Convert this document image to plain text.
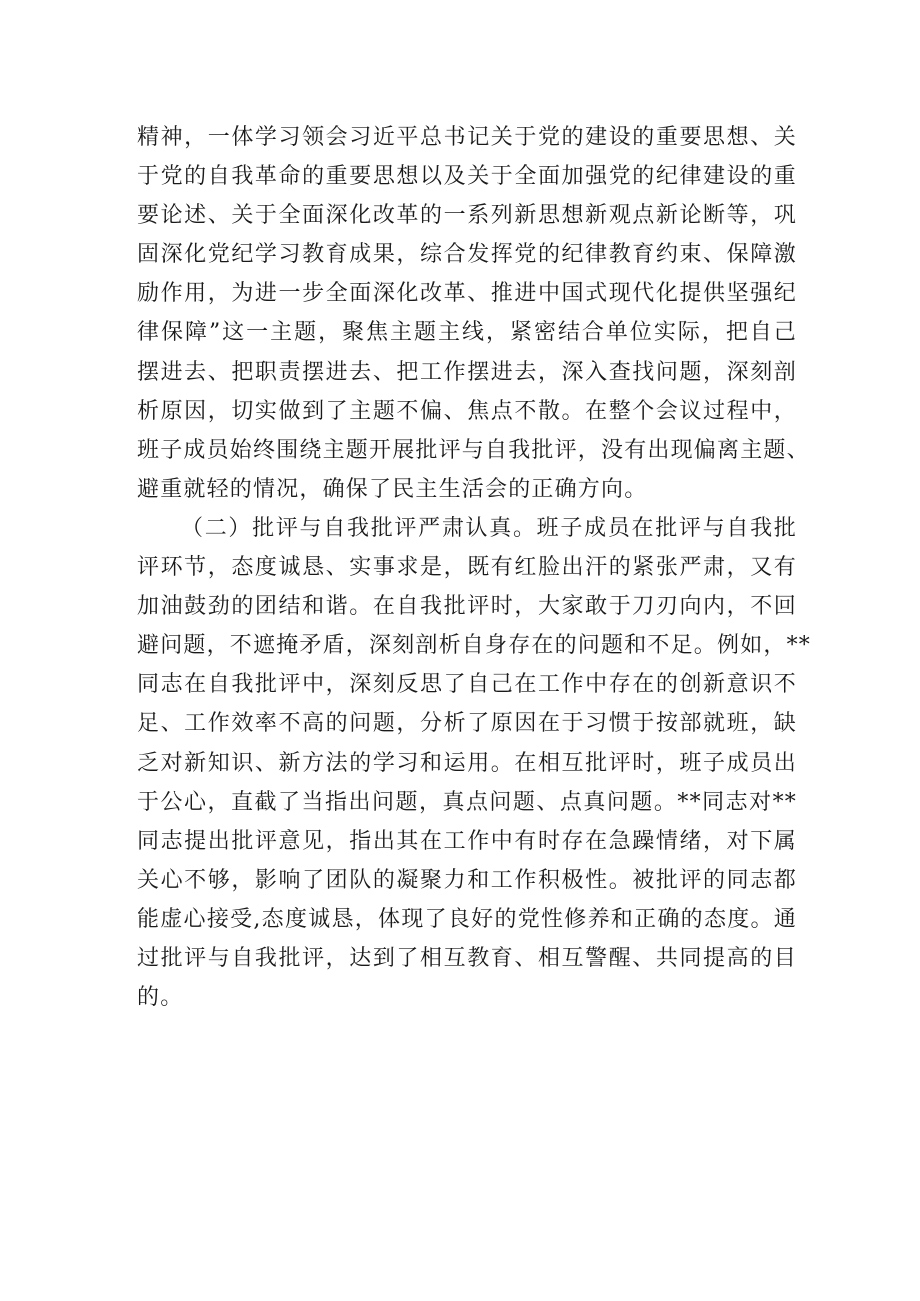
精神，一体学习领会习近平总书记关于党的建设的重要思想、关
于党的自我革命的重要思想以及关于全面加强党的纪律建设的重
要论述、关于全面深化改革的一系列新思想新观点新论断等，巩
固深化党纪学习教育成果，综合发挥党的纪律教育约束、保障激
励作用，为进一步全面深化改革、推进中国式现代化提供坚强纪
律保障”这一主题，聚焦主题主线，紧密结合单位实际，把自己
摆进去、把职责摆进去、把工作摆进去，深入查找问题，深刻剖
析原因，切实做到了主题不偏、焦点不散。在整个会议过程中，
班子成员始终围绕主题开展批评与自我批评，没有出现偏离主题、
避重就轻的情况，确保了民主生活会的正确方向。
（二）批评与自我批评严肃认真。班子成员在批评与自我批
评环节，态度诚恳、实事求是，既有红脸出汗的紧张严肃，又有
加油鼓劲的团结和谐。在自我批评时，大家敢于刀刃向内，不回
避问题，不遮掩矛盾，深刻剖析自身存在的问题和不足。例如，**
同志在自我批评中，深刻反思了自己在工作中存在的创新意识不
足、工作效率不高的问题，分析了原因在于习惯于按部就班，缺
乏对新知识、新方法的学习和运用。在相互批评时，班子成员出
于公心，直截了当指出问题，真点问题、点真问题。**同志对**
同志提出批评意见，指出其在工作中有时存在急躁情绪，对下属
关心不够，影响了团队的凝聚力和工作积极性。被批评的同志都
能虚心接受,态度诚恳，体现了良好的党性修养和正确的态度。通
过批评与自我批评，达到了相互教育、相互警醒、共同提高的目
的。
